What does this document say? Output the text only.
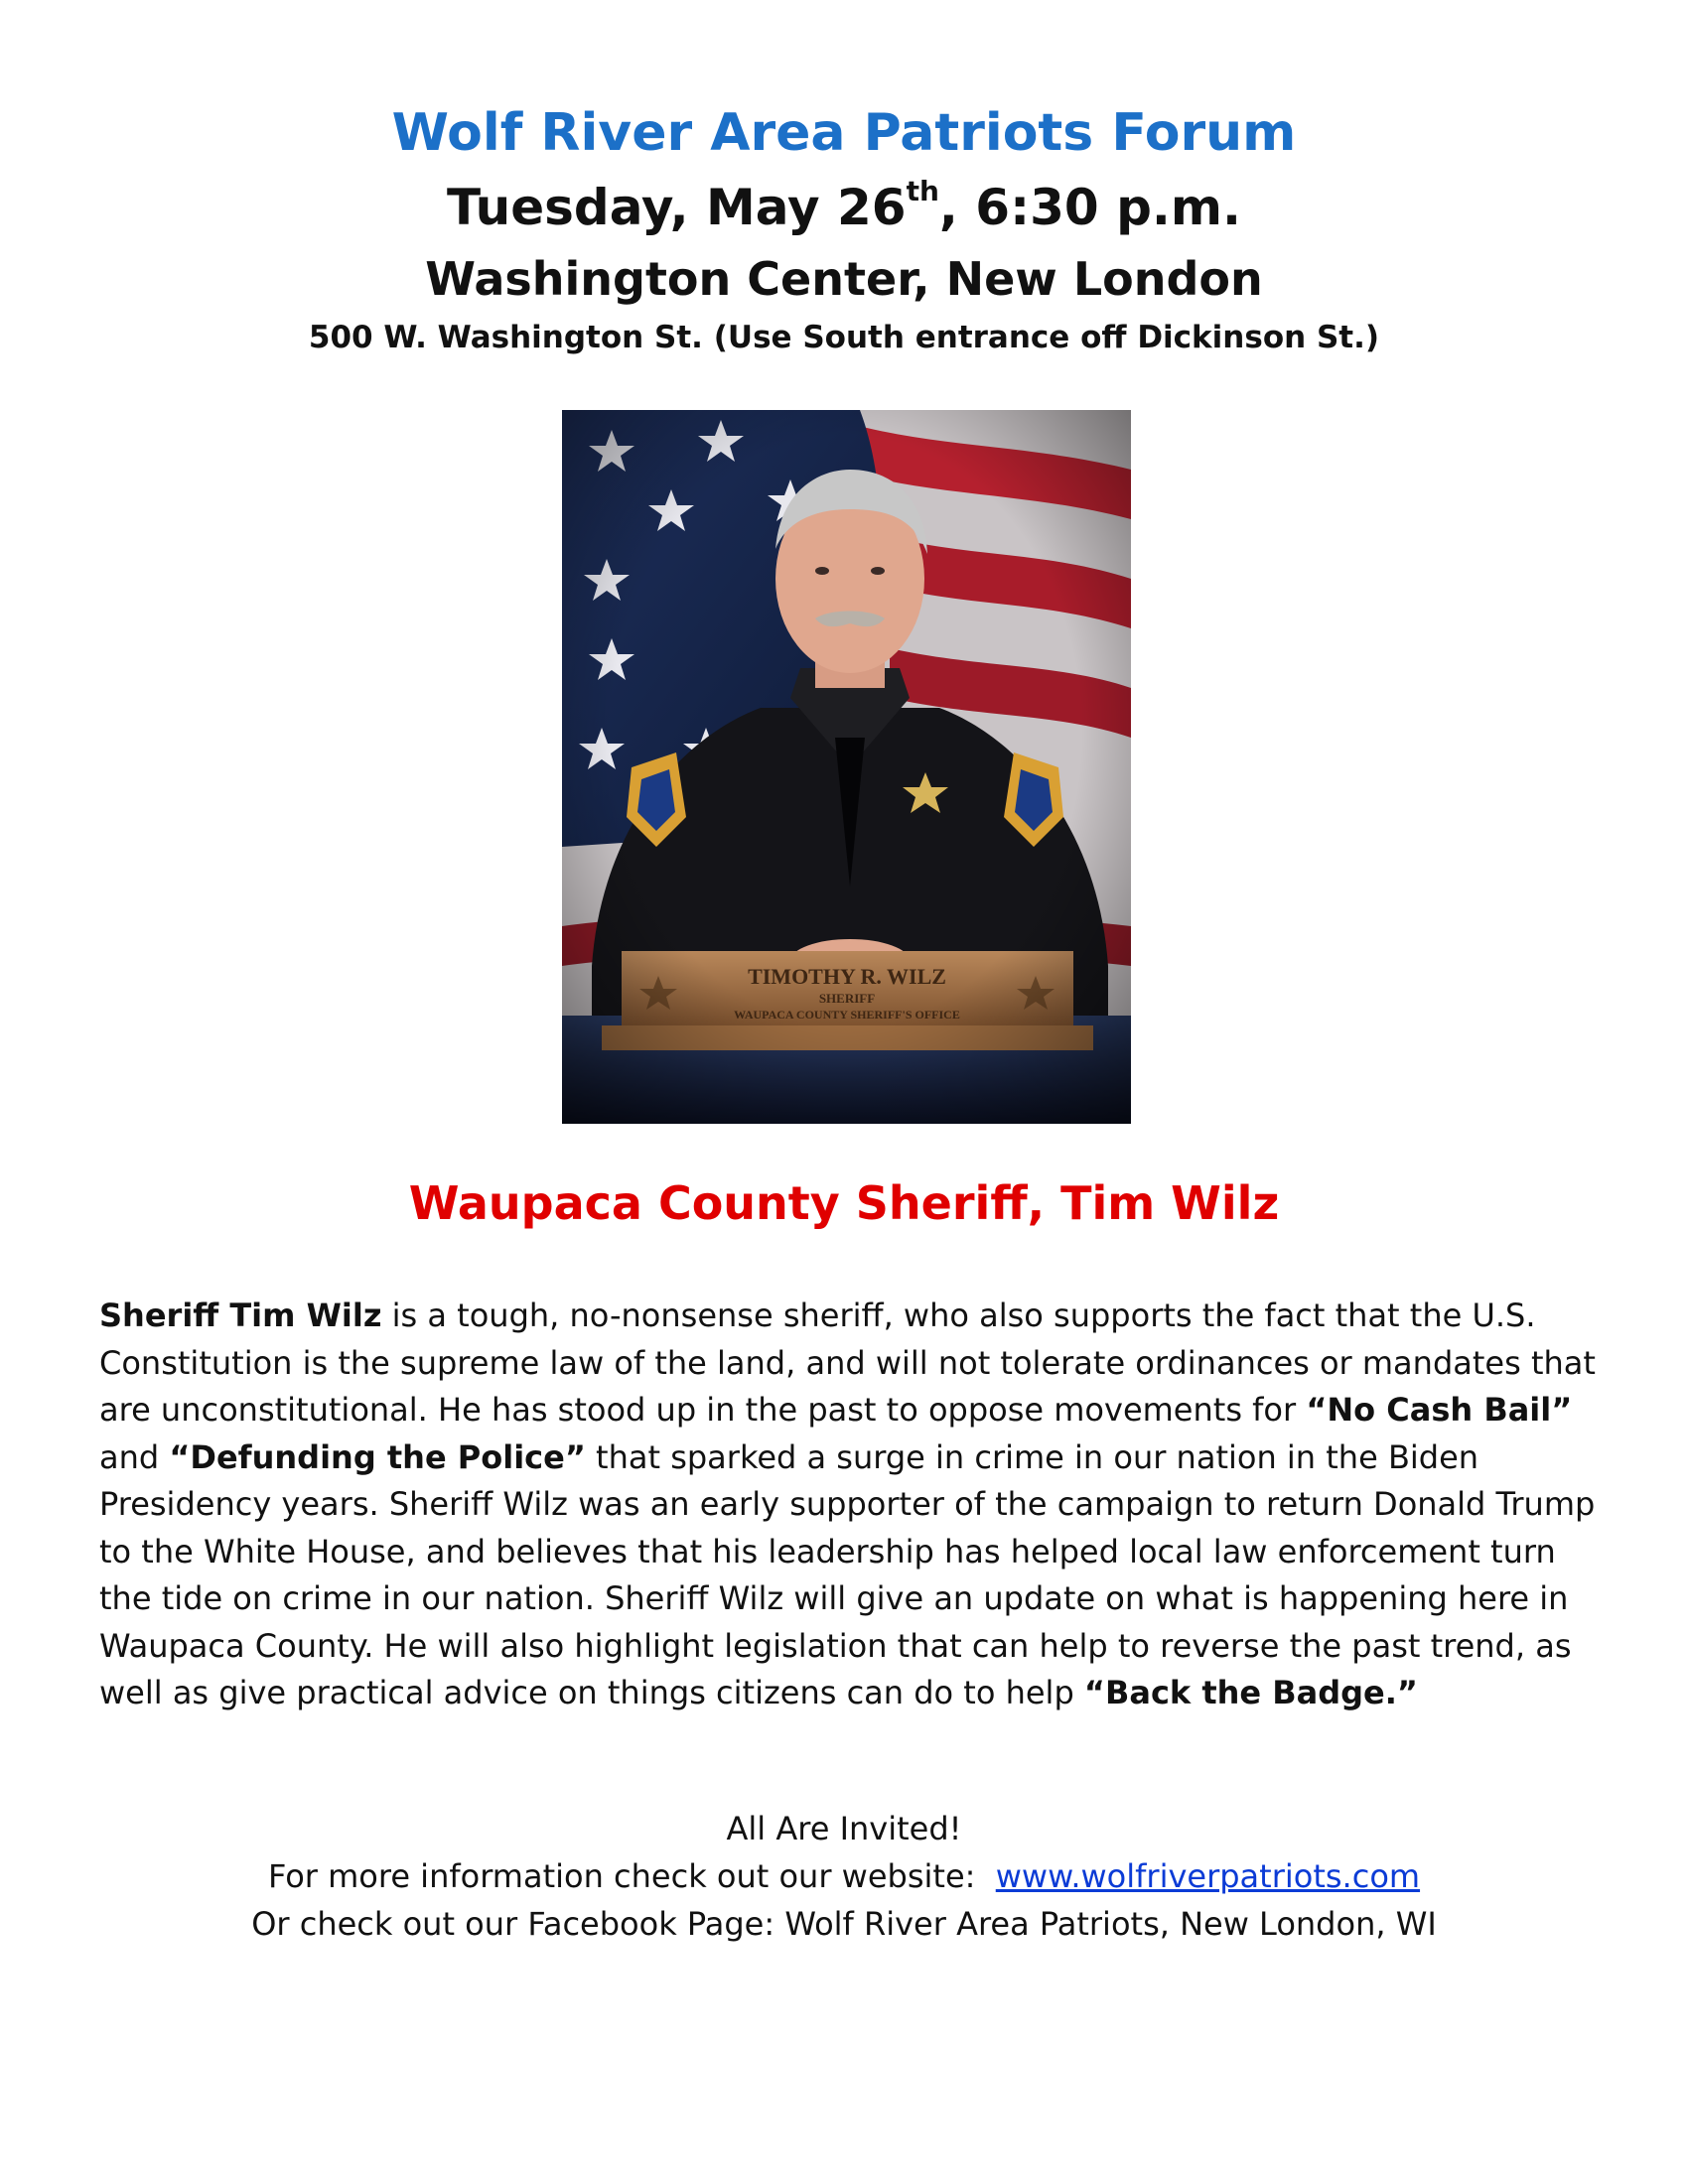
Wolf River Area Patriots Forum
Tuesday, May 26th, 6:30 p.m.
Washington Center, New London
500 W. Washington St. (Use South entrance off Dickinson St.)
Waupaca County Sheriff, Tim Wilz

Sheriff Tim Wilz is a tough, no-nonsense sheriff, who also supports the fact that the U.S. Constitution is the supreme law of the land, and will not tolerate ordinances or mandates that are unconstitutional. He has stood up in the past to oppose movements for “No Cash Bail” and “Defunding the Police” that sparked a surge in crime in our nation in the Biden Presidency years. Sheriff Wilz was an early supporter of the campaign to return Donald Trump to the White House, and believes that his leadership has helped local law enforcement turn the tide on crime in our nation. Sheriff Wilz will give an update on what is happening here in Waupaca County. He will also highlight legislation that can help to reverse the past trend, as well as give practical advice on things citizens can do to help “Back the Badge.”

All Are Invited!
For more information check out our website:  www.wolfriverpatriots.com
Or check out our Facebook Page: Wolf River Area Patriots, New London, WI
